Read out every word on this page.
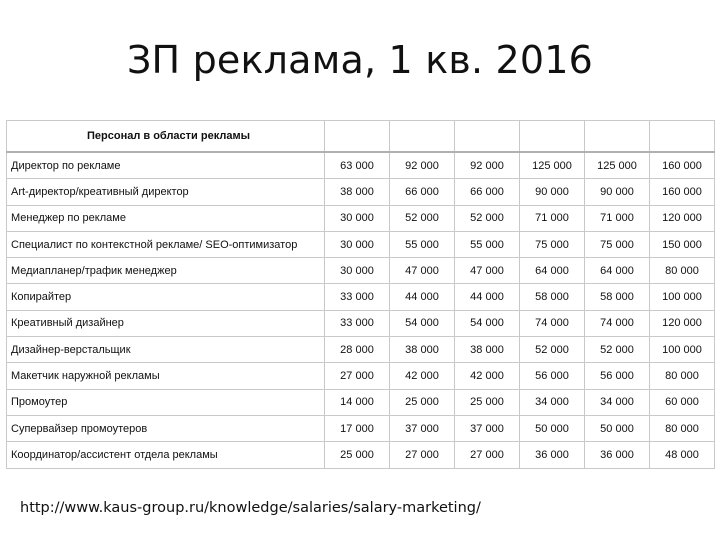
ЗП реклама, 1 кв. 2016
Персонал в области рекламы						
Директор по рекламе	63 000	92 000	92 000	125 000	125 000	160 000
Art-директор/креативный директор	38 000	66 000	66 000	90 000	90 000	160 000
Менеджер по рекламе	30 000	52 000	52 000	71 000	71 000	120 000
Специалист по контекстной рекламе/ SEO-оптимизатор	30 000	55 000	55 000	75 000	75 000	150 000
Медиапланер/трафик менеджер	30 000	47 000	47 000	64 000	64 000	80 000
Копирайтер	33 000	44 000	44 000	58 000	58 000	100 000
Креативный дизайнер	33 000	54 000	54 000	74 000	74 000	120 000
Дизайнер-верстальщик	28 000	38 000	38 000	52 000	52 000	100 000
Макетчик наружной рекламы	27 000	42 000	42 000	56 000	56 000	80 000
Промоутер	14 000	25 000	25 000	34 000	34 000	60 000
Супервайзер промоутеров	17 000	37 000	37 000	50 000	50 000	80 000
Координатор/ассистент отдела рекламы	25 000	27 000	27 000	36 000	36 000	48 000
http://www.kaus-group.ru/knowledge/salaries/salary-marketing/
